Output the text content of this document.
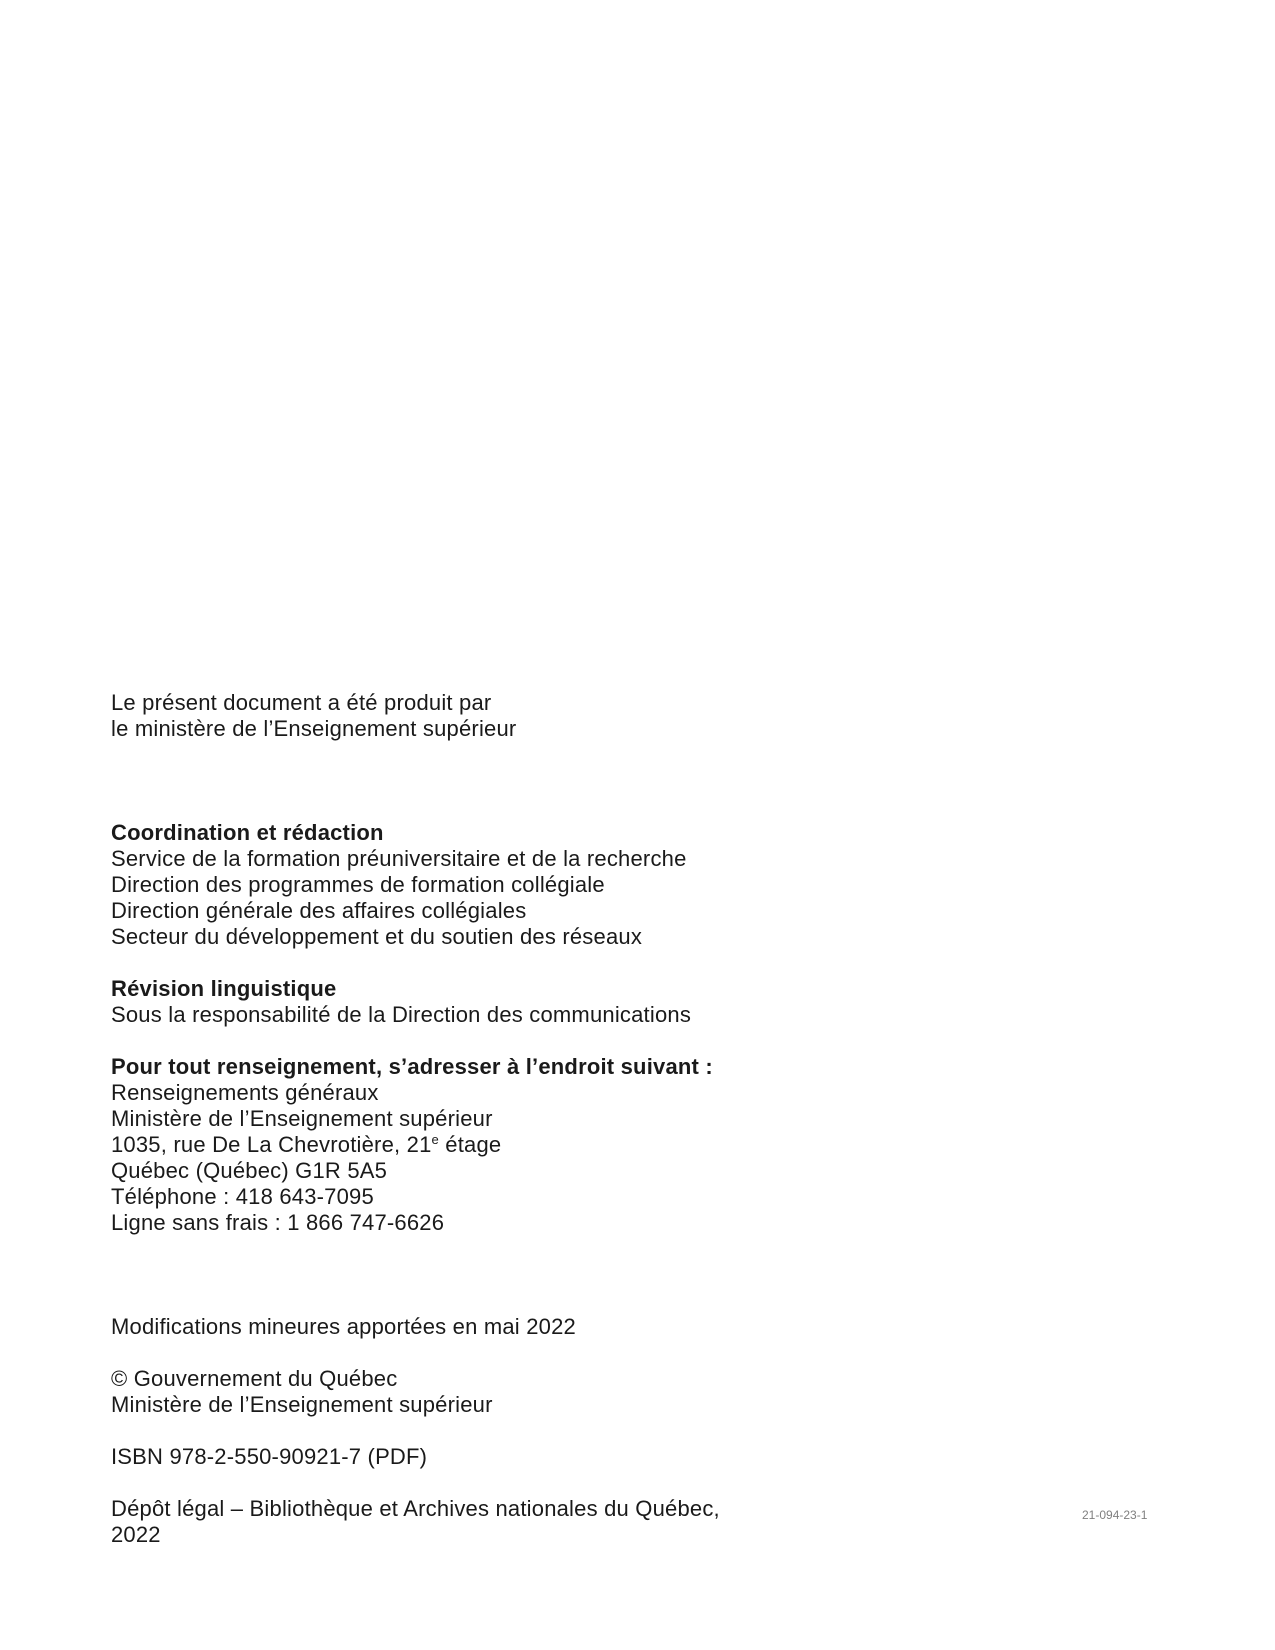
Le présent document a été produit par
le ministère de l’Enseignement supérieur
Coordination et rédaction
Service de la formation préuniversitaire et de la recherche
Direction des programmes de formation collégiale
Direction générale des affaires collégiales
Secteur du développement et du soutien des réseaux
Révision linguistique
Sous la responsabilité de la Direction des communications
Pour tout renseignement, s’adresser à l’endroit suivant :
Renseignements généraux
Ministère de l’Enseignement supérieur
1035, rue De La Chevrotière, 21e étage
Québec (Québec) G1R 5A5
Téléphone : 418 643-7095
Ligne sans frais : 1 866 747-6626
Modifications mineures apportées en mai 2022
© Gouvernement du Québec
Ministère de l’Enseignement supérieur
ISBN 978-2-550-90921-7 (PDF)
Dépôt légal – Bibliothèque et Archives nationales du Québec,
2022
21-094-23-1
